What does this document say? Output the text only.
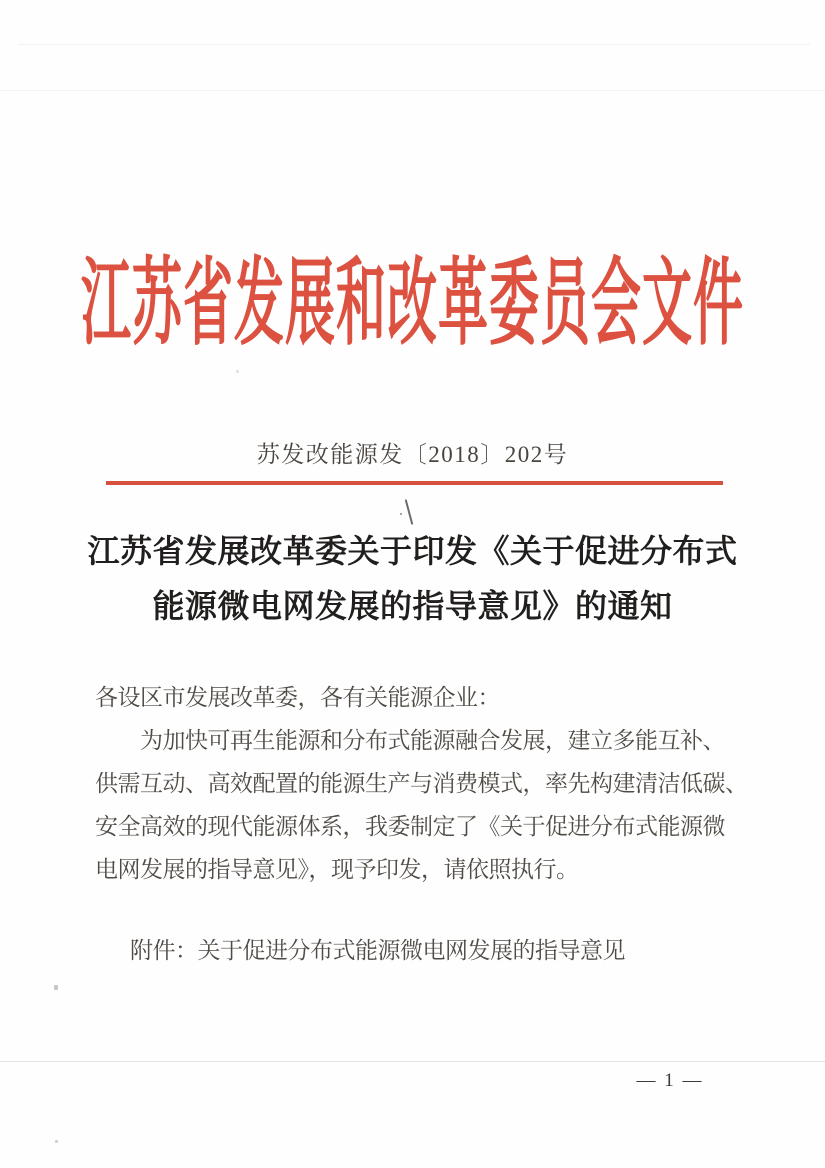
江苏省发展和改革委员会文件
苏发改能源发〔2018〕202号
江苏省发展改革委关于印发《关于促进分布式
能源微电网发展的指导意见》的通知
各设区市发展改革委，各有关能源企业：
为加快可再生能源和分布式能源融合发展，建立多能互补、
供需互动、高效配置的能源生产与消费模式，率先构建清洁低碳、
安全高效的现代能源体系，我委制定了《关于促进分布式能源微
电网发展的指导意见》，现予印发，请依照执行。
附件：关于促进分布式能源微电网发展的指导意见
— 1 —
